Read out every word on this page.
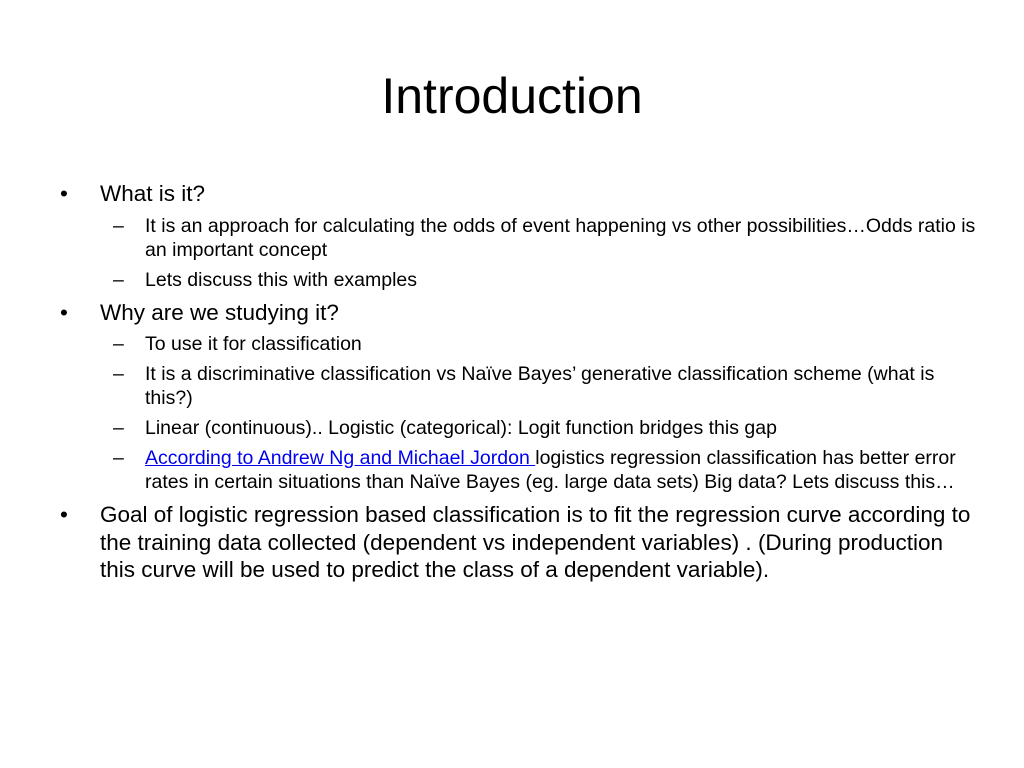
Introduction

• What is it?

– It is an approach for calculating the odds of event happening vs other possibilities…Odds ratio is an important concept

– Lets discuss this with examples

• Why are we studying it?

– To use it for classification

– It is a discriminative classification vs Naïve Bayes’ generative classification scheme (what is this?)

– Linear (continuous).. Logistic (categorical): Logit function bridges this gap

– According to Andrew Ng and Michael Jordon logistics regression classification has better error rates in certain situations than Naïve Bayes (eg. large data sets) Big data? Lets discuss this…

• Goal of logistic regression based classification is to fit the regression curve according to the training data collected (dependent vs independent variables) . (During production this curve will be used to predict the class of a dependent variable).
